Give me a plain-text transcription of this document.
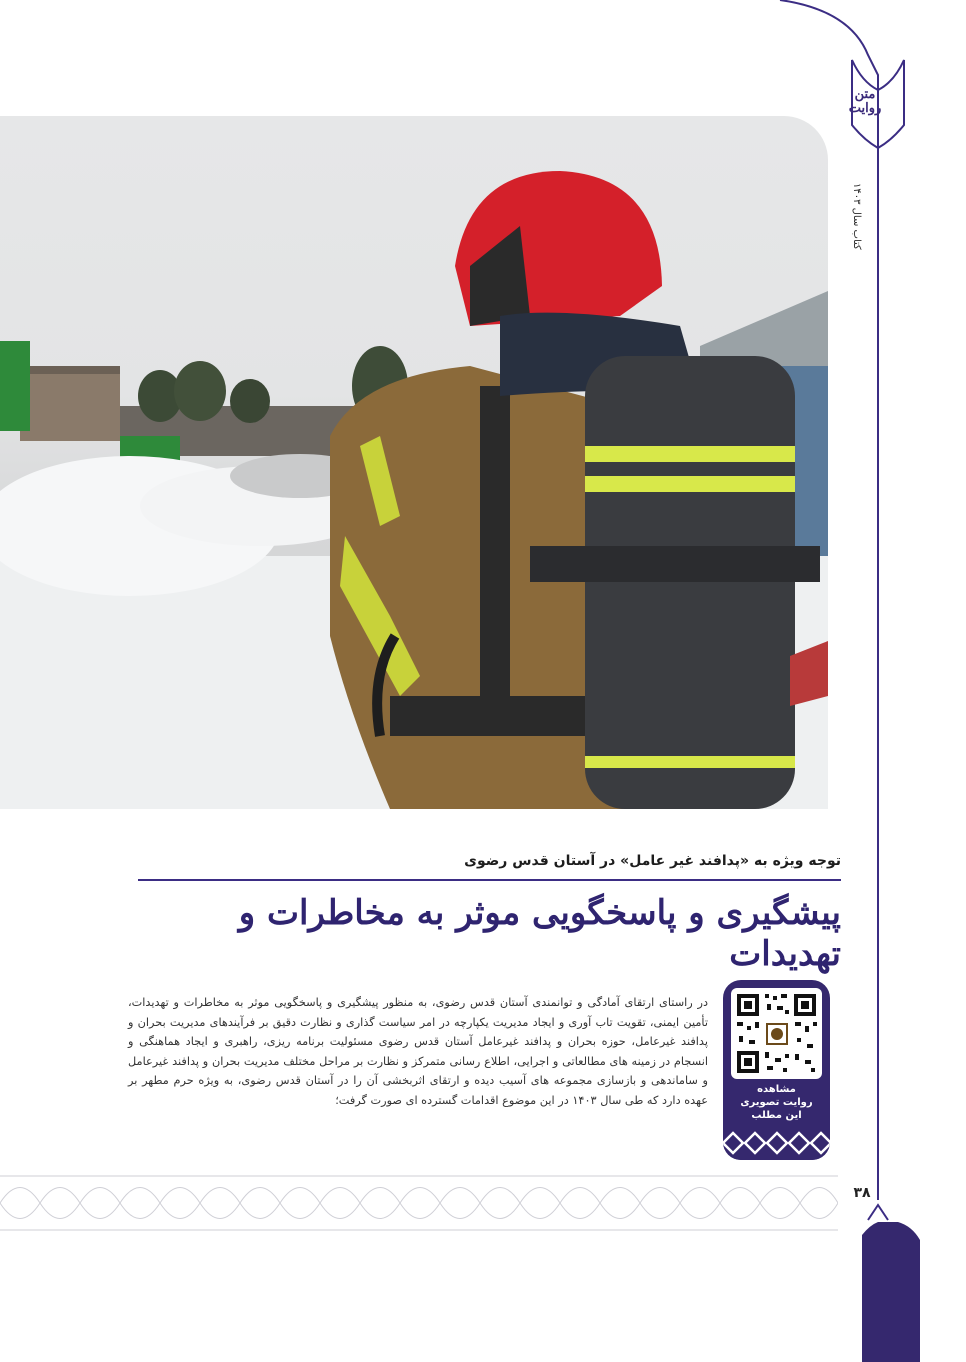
متن روایت
کتاب سال ۱۴۰۳
توجه ویژه به «پدافند غیر عامل» در آستان قدس رضوی
پیشگیری و پاسخگویی موثر به مخاطرات و تهدیدات
در راستای ارتقای آمادگی و توانمندی آستان قدس رضوی، به منظور پیشگیری و پاسخگویی موثر به مخاطرات و تهدیدات، تأمین ایمنی، تقویت تاب آوری و ایجاد مدیریت یکپارچه در امر سیاست گذاری و نظارت دقیق بر فرآیندهای مدیریت بحران و پدافند غیرعامل، حوزه بحران و پدافند غیرعامل آستان قدس رضوی مسئولیت برنامه ریزی، راهبری و ایجاد هماهنگی و انسجام در زمینه های مطالعاتی و اجرایی، اطلاع رسانی متمرکز و نظارت بر مراحل مختلف مدیریت بحران و پدافند غیرعامل و ساماندهی و بازسازی مجموعه های آسیب دیده و ارتقای اثربخشی آن را در آستان قدس رضوی، به ویژه حرم مطهر بر عهده دارد که طی سال ۱۴۰۳ در این موضوع اقدامات گسترده ای صورت گرفت؛
مشاهده
روایت تصویری
این مطلب
۳۸
